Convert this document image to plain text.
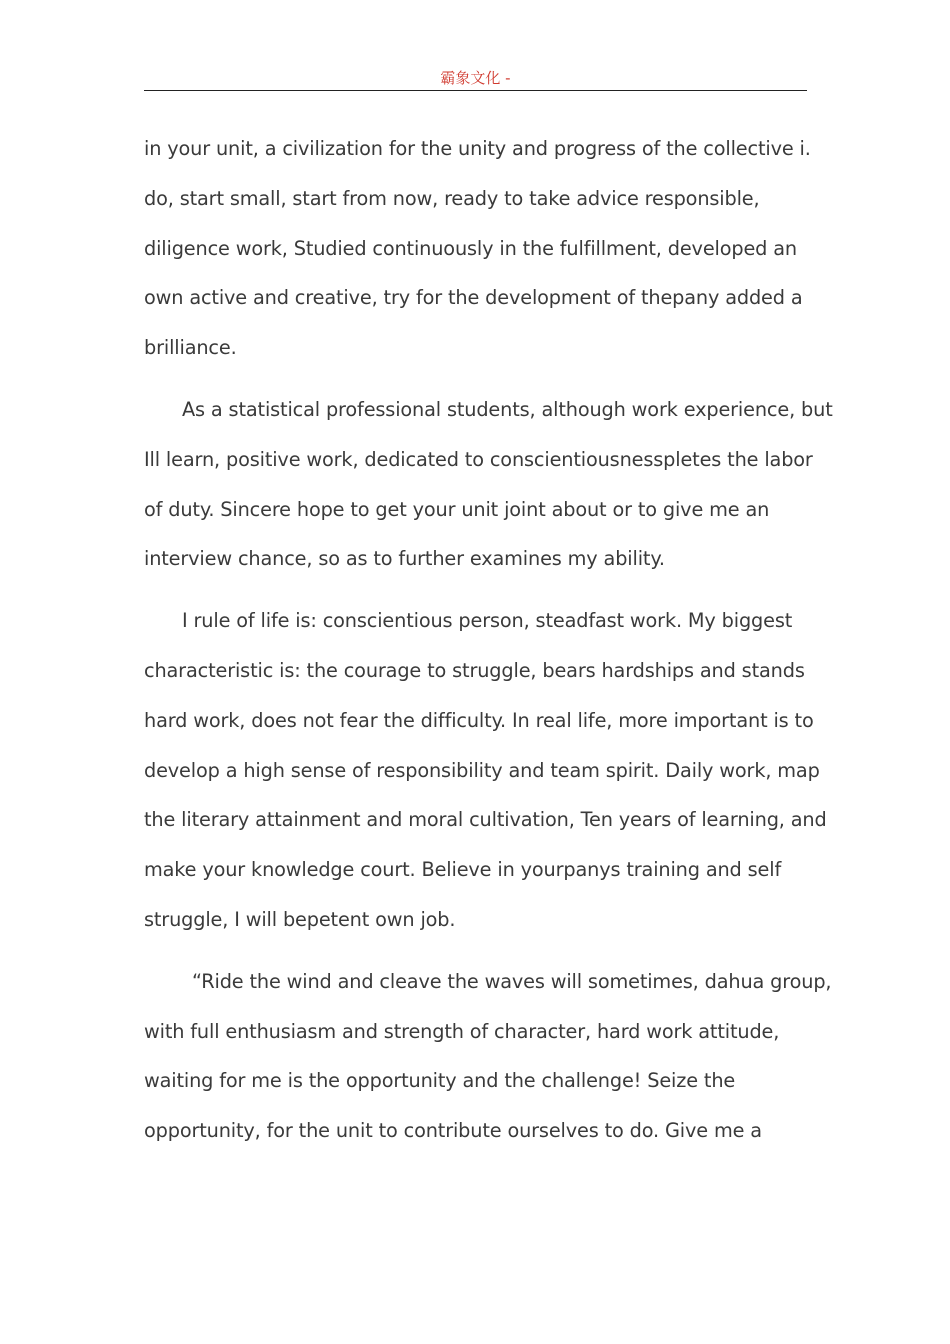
霸象文化 -

in your unit, a civilization for the unity and progress of the collective i.
do, start small, start from now, ready to take advice responsible,
diligence work, Studied continuously in the fulfillment, developed an
own active and creative, try for the development of thepany added a
brilliance.

As a statistical professional students, although work experience, but
Ill learn, positive work, dedicated to conscientiousnesspletes the labor
of duty. Sincere hope to get your unit joint about or to give me an
interview chance, so as to further examines my ability.

I rule of life is: conscientious person, steadfast work. My biggest
characteristic is: the courage to struggle, bears hardships and stands
hard work, does not fear the difficulty. In real life, more important is to
develop a high sense of responsibility and team spirit. Daily work, map
the literary attainment and moral cultivation, Ten years of learning, and
make your knowledge court. Believe in yourpanys training and self
struggle, I will bepetent own job.

“Ride the wind and cleave the waves will sometimes, dahua group,
with full enthusiasm and strength of character, hard work attitude,
waiting for me is the opportunity and the challenge! Seize the
opportunity, for the unit to contribute ourselves to do. Give me a
